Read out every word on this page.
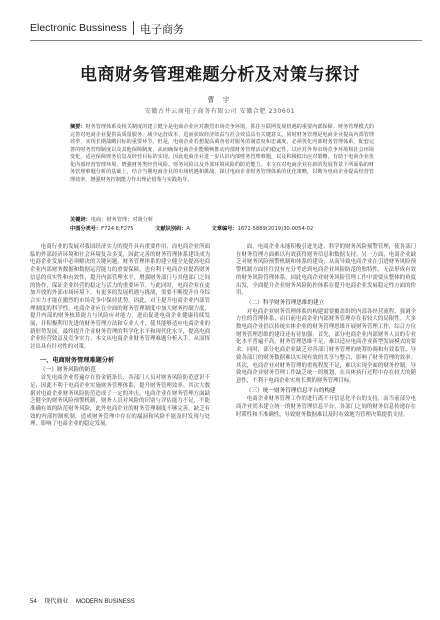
Electronic Bussiness 电子商务
电商财务管理难题分析及对策与探讨
曹 宇
安徽古井云商电子商务有限公司 安徽合肥 230601
摘要：财务管理体系及相关制度的建立健全是电商企业应对激烈市场竞争环境，抓住互联网发展机遇的重要内部保障。财务管理模式的完善对电商企业提供高质量服务，减少运营成本，进而获取经济效益与社会效益具有关键意义。同时财务管理是电商企业提高内部管理效率，实现长期战略目标的重要环节。但是，电商企业若想提高调查者对服务的满意度和忠诚度，必须优化内部财务管理体系，配套完善的财务管理制度以及其他保障制度，从而确保电商企业能顺畅推动内部财务管理活动的稳定性，以应对外界市场竞争环境和社会环境变化，适应保障财务信息及经营目标的实现。因此电商企业进一步认识内部财务管理难题，以及积极拟出应对策略，有助于电商企业优化内部经营管理环境，增强财务类经营风险、财务风险以及外部环境风险的防范能力。本文在对电商企业在新的发展背景下所面临的财务管理难题分析的基础上，结合当期电商企业的市场机遇和挑战，探讨电商企业财务管理体系的优化策略，以期为电商企业提高经营管理效率，增强财务控制能力作出理论借鉴与实践指导。
关键词：电商；财务管理；对策分析
中图分类号：F724.6;F275	文献识别码：A	文章编号：1672-5889(2019)30-0054-02

电商行业的发展对我国经济实力的提升具有重要作用，而电商企业所面临的外部经济环境和社会环境复杂多变，因此完善的财务管理体系建设成为电商企业发展中必须解决的关键问题。财务管理体系的建立健全是提高电商企业内部财务数据和数据运营能力的重要保障，也有利于电商企业提高财务信息的真实性和有效性，提升内部管理水平，增强财务部门与其他部门之间的协作，保证企业经营的稳定与活力的重要环节。与此同时，电商企业在更加开放的外部市场环境下，有更多的发展机遇与挑战，需要不断提升自身综合实力才能在激烈的市场竞争中保持优势。因此，对于提升电商企业内部管理制度的科学性，电商企业应在全面的财务管理制度中加大财务控制力度，提升内部的财务核算能力与风险应对能力，进而促进电商企业健康持续发展，并积极利用先进的财务管理方法和专业人才，使其能够适应电商企业的新形势发展，最终提升企业财务管理的科学化水平和现代化水平，提高电商企业经营效益及竞争实力。本文从电商企业财务管理难题分析入手，从而探讨出具有针对性的对策。

一、电商财务管理难题分析
（一）财务风险的防范

首先电商企业普遍存在资金链条长、各部门人员对财务风险防范意识不足，因此不利于电商企业实施财务管理体系，提升财务管理效率。其次大数据对电商企业财务风险防范造成了一定的冲击。电商企业在财务管理方面缺乏健全的财务风险预警机制，财务人员对风险的识别与评估能力不足，不能准确有效的防范财务风险，此外电商企业的财务管理制度不够完善，缺乏有效的内部控制机制，造成财务管理中存在的漏洞和风险不能及时发现与处理，影响了电商企业的稳定发展。

面，电商企业未能积极引进先进、科学的财务风险预警管理，使各部门在财务管理方面难以有效获得财务信息和数据支持。另一方面，电商企业缺乏对财务风险预警机制和体系的建设，从而导致电商企业在引进财务风险预警机制方面往往没有充分考虑到电商企业风险防范的独特性，无法形成有效的财务风险管理体系。因此电商企业财务风险管理工作中需要从整体的角度出发，全面提升企业财务风险防控体系在提升电商企业发展稳定性方面的作用。

（二）科学财务管理思维的建立

对电商企业财务管理体系的构建需要覆盖组织内部各经营流程，强调全方位的管理体系，而目前电商企业内部财务管理存在着较大的局限性。大多数电商企业仍以传统实体企业的财务管理思维开展财务管理工作，综合方位财务管理思维的建设还有待加强。首先，部分电商企业内部财务人员的专业化水平普遍不高，财务管理思维不足，难以适应电商企业新型发展模式的要求。同时，部分电商企业缺乏对各部门财务管理的统筹协调和有效监管，导致各部门的财务数据难以实现有效的共享与整合，影响了财务管理的效率。其次，电商企业对财务管理的重视程度不足，难以实现全面的财务控制，导致电商企业财务管理工作缺乏统一的规划，在具体执行过程中存在较大的随意性，不利于电商企业实现长期的财务管理目标。

（三）统一财务管理信息平台的构建

电商企业财务管理工作的进行离不开信息化平台的支持，而当前部分电商企业尚未建立统一的财务管理信息平台，各部门之间的财务信息传递存在时滞性和不准确性，导致财务数据难以及时有效地为管理决策提供支持。

54 现代商业 MODERN BUSINESS
